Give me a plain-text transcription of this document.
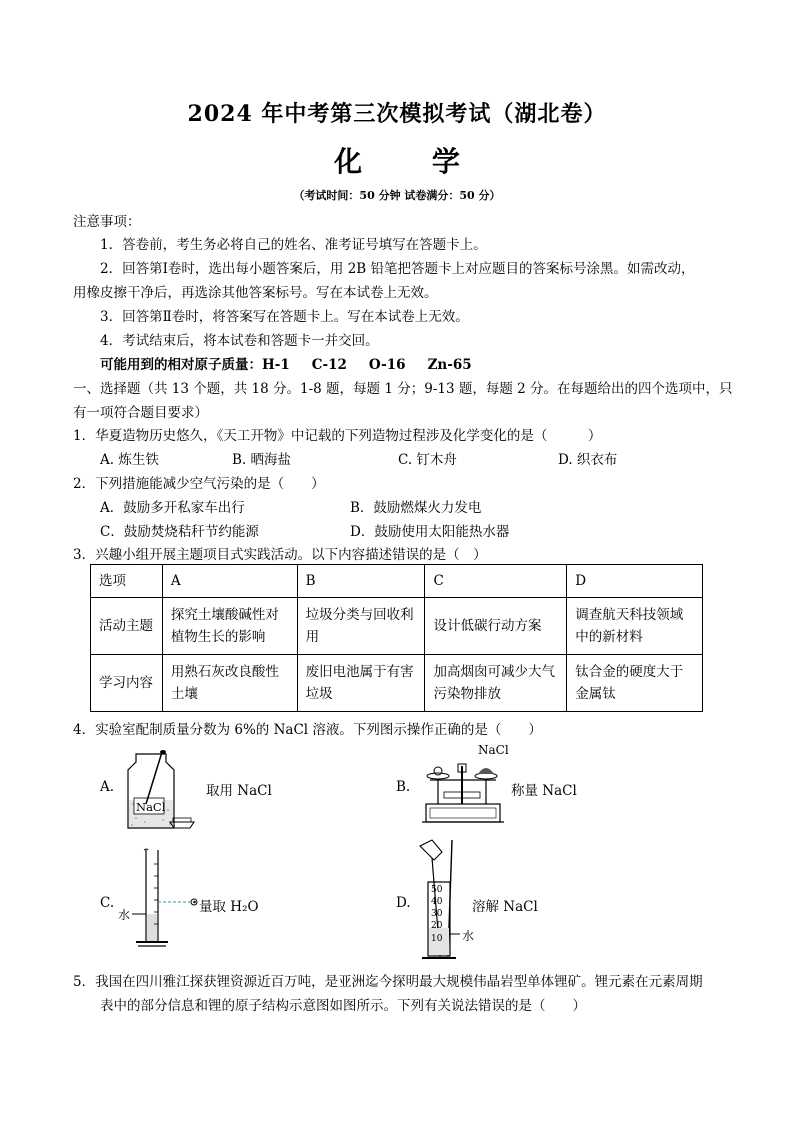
2024 年中考第三次模拟考试（湖北卷）
化 学
（考试时间：50 分钟 试卷满分：50 分）
注意事项：
1．答卷前，考生务必将自己的姓名、准考证号填写在答题卡上。
2．回答第Ⅰ卷时，选出每小题答案后，用 2B 铅笔把答题卡上对应题目的答案标号涂黑。如需改动，
用橡皮擦干净后，再选涂其他答案标号。写在本试卷上无效。
3．回答第Ⅱ卷时，将答案写在答题卡上。写在本试卷上无效。
4．考试结束后，将本试卷和答题卡一并交回。
可能用到的相对原子质量：H-1 C-12 O-16 Zn-65
一、选择题（共 13 个题，共 18 分。1-8 题，每题 1 分；9-13 题，每题 2 分。在每题给出的四个选项中，只
有一项符合题目要求）
1．华夏造物历史悠久，《天工开物》中记载的下列造物过程涉及化学变化的是（　　　）
A. 炼生铁	B. 晒海盐	C. 钉木舟	D. 织衣布
2．下列措施能减少空气污染的是（　　）
A．鼓励多开私家车出行	B．鼓励燃煤火力发电
C．鼓励焚烧秸秆节约能源	D．鼓励使用太阳能热水器
3．兴趣小组开展主题项目式实践活动。以下内容描述错误的是（　）
选项	A	B	C	D
活动主题	探究土壤酸碱性对植物生长的影响	垃圾分类与回收利用	设计低碳行动方案	调查航天科技领域中的新材料
学习内容	用熟石灰改良酸性土壤	废旧电池属于有害垃圾	加高烟囱可减少大气污染物排放	钛合金的硬度大于金属钛
4．实验室配制质量分数为 6%的 NaCl 溶液。下列图示操作正确的是（　　）
A.
NaCl
取用 NaCl	B.
NaCl
称量 NaCl
C.
水	量取 H₂O	D.
50
40
30
20
10 水
溶解 NaCl
5．我国在四川雅江探获锂资源近百万吨，是亚洲迄今探明最大规模伟晶岩型单体锂矿。锂元素在元素周期
表中的部分信息和锂的原子结构示意图如图所示。下列有关说法错误的是（　　）
